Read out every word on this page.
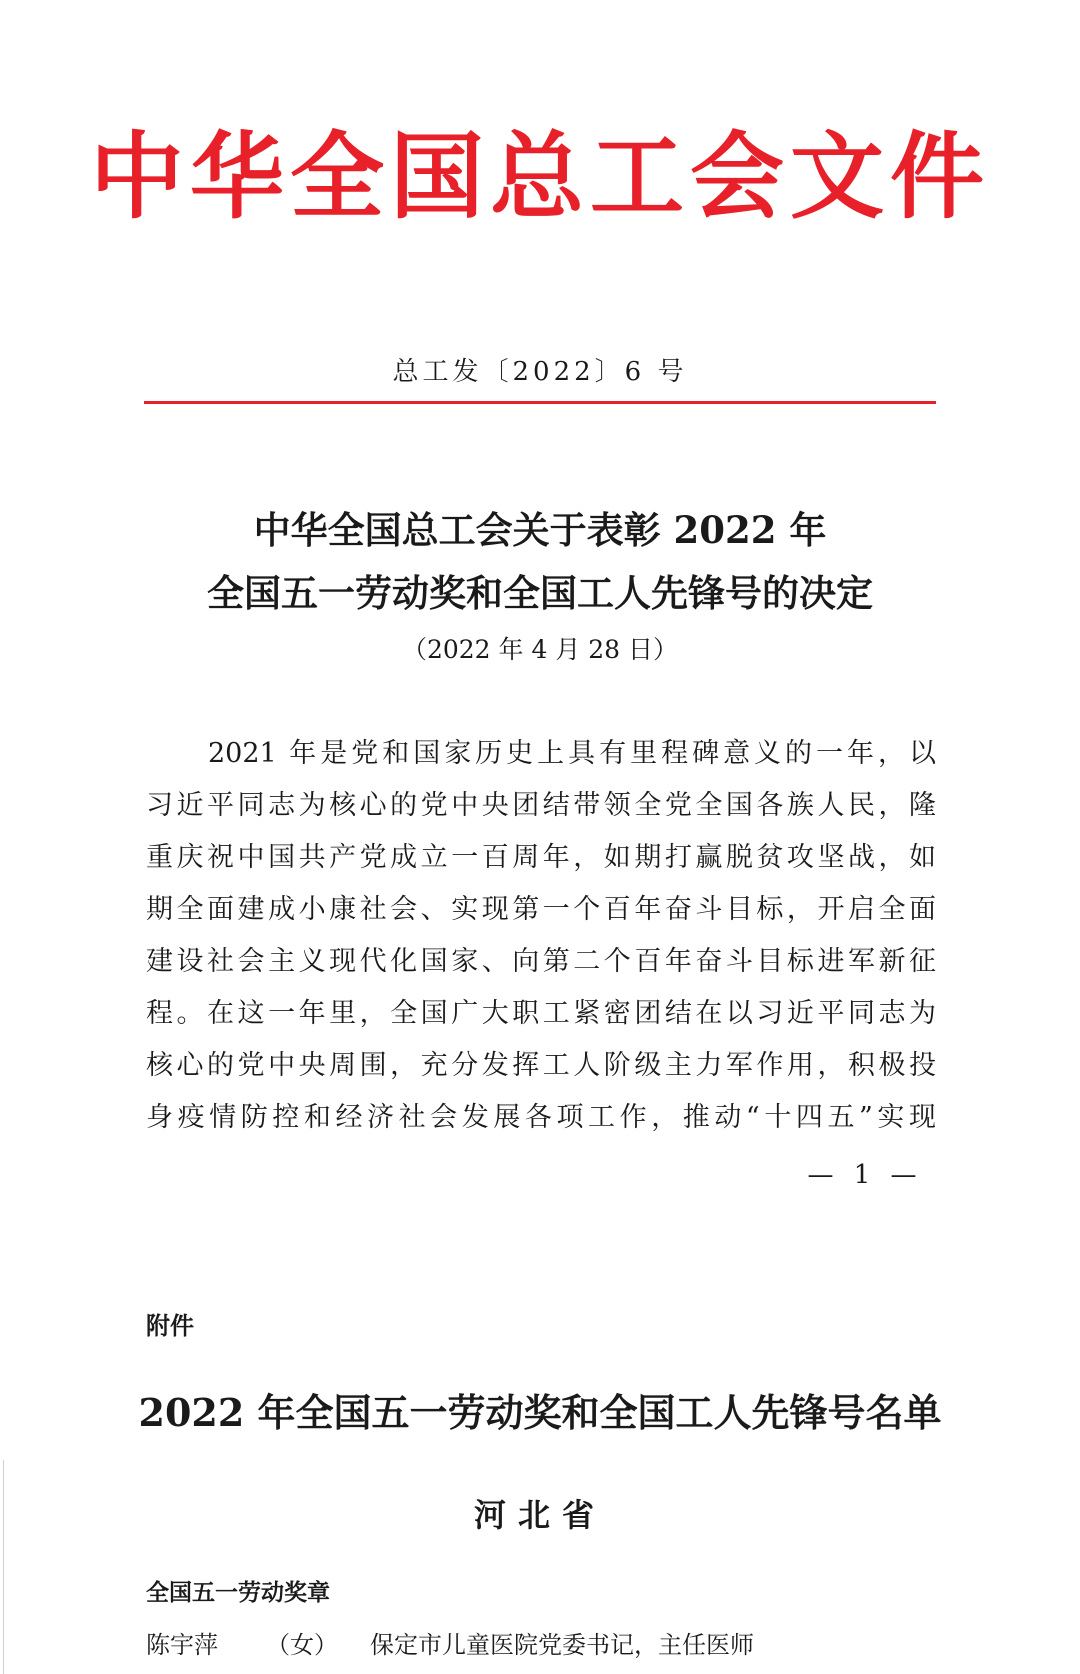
中华全国总工会文件
总工发〔2022〕6 号
中华全国总工会关于表彰 2022 年
全国五一劳动奖和全国工人先锋号的决定
（2022 年 4 月 28 日）
　　2021 年是党和国家历史上具有里程碑意义的一年，以
习近平同志为核心的党中央团结带领全党全国各族人民，隆
重庆祝中国共产党成立一百周年，如期打赢脱贫攻坚战，如
期全面建成小康社会、实现第一个百年奋斗目标，开启全面
建设社会主义现代化国家、向第二个百年奋斗目标进军新征
程。在这一年里，全国广大职工紧密团结在以习近平同志为
核心的党中央周围，充分发挥工人阶级主力军作用，积极投
身疫情防控和经济社会发展各项工作，推动“十四五”实现
— 1 —
附件
2022 年全国五一劳动奖和全国工人先锋号名单
河北省
全国五一劳动奖章
陈宇萍 （女） 保定市儿童医院党委书记，主任医师
